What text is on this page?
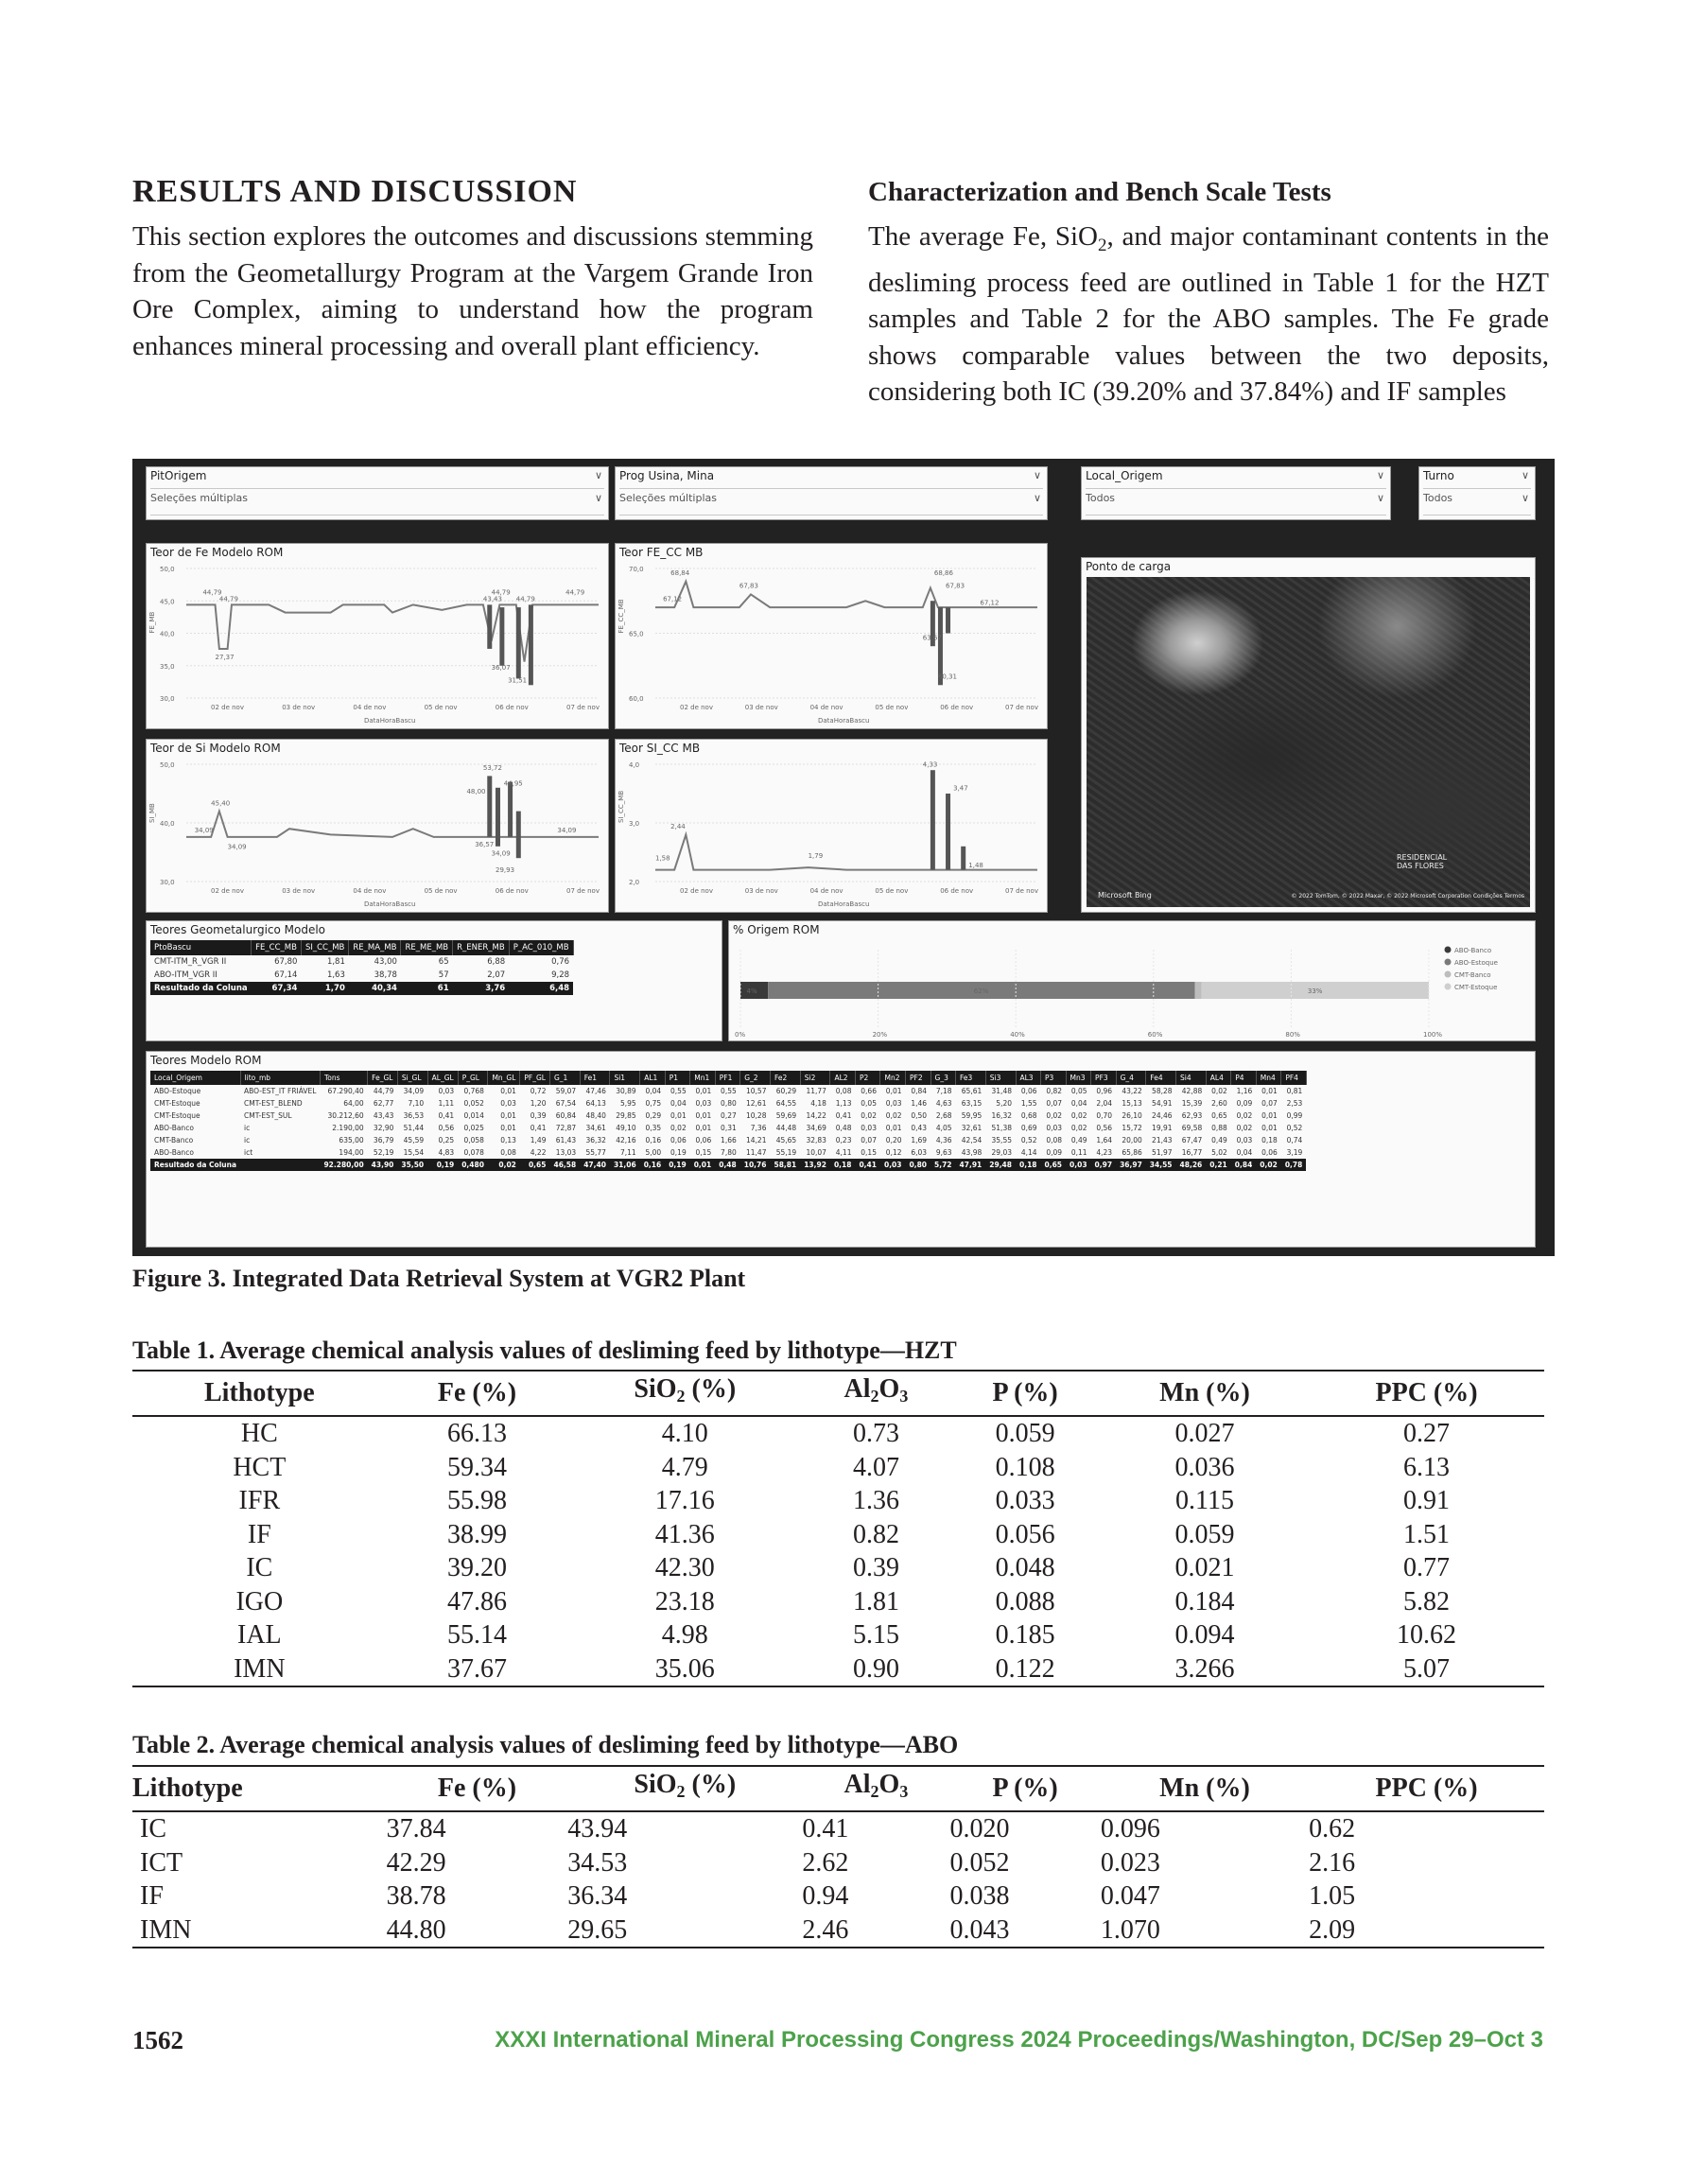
RESULTS AND DISCUSSION

This section explores the outcomes and discussions stemming from the Geometallurgy Program at the Vargem Grande Iron Ore Complex, aiming to understand how the program enhances mineral processing and overall plant efficiency.

Characterization and Bench Scale Tests

The average Fe, SiO$_2$, and major contaminant contents in the desliming process feed are outlined in Table 1 for the HZT samples and Table 2 for the ABO samples. The Fe grade shows comparable values between the two deposits, considering both IC (39.20% and 37.84%) and IF samples

PitOrigem	∨
Seleções múltiplas	∨
Prog Usina, Mina	∨
Seleções múltiplas	∨
Local_Origem	∨
Todos	∨
Turno	∨
Todos	∨
Teor de Fe Modelo ROM
50,0
45,0
40,0
35,0
30,0
02 de nov	03 de nov	04 de nov	05 de nov	06 de nov	07 de nov
DataHoraBascu
FE_MB
44,79
44,79
27,37
44,79
43,43 44,79
44,79
36,07
31,51
Teor FE_CC MB
70,0
65,0
60,0
02 de nov	03 de nov	04 de nov	05 de nov	06 de nov	07 de nov
DataHoraBascu
FE_CC_MB
68,84
67,12
67,83
68,86
67,83
67,12
63,67
60,31
Teor de Si Modelo ROM
50,0
40,0
30,0
02 de nov	03 de nov	04 de nov	05 de nov	06 de nov	07 de nov
DataHoraBascu
SI_MB	45,40
34,09
34,09
53,72
48,00
44,95
36,57
34,09
34,09
29,93
Teor SI_CC MB
4,0
3,0
2,0
02 de nov	03 de nov	04 de nov	05 de nov	06 de nov	07 de nov
DataHoraBascu
SI_CC_MB
2,44
1,58	1,79
4,33
3,47
1,48
Ponto de carga
Microsoft Bing	© 2022 TomTom, © 2022 Maxar, © 2022 Microsoft Corporation Condições Termos
RESIDENCIAL DAS FLORES
Teores Geometalurgico Modelo
PtoBascu	FE_CC_MB	SI_CC_MB	RE_MA_MB	RE_ME_MB	R_ENER_MB	P_AC_010_MB
CMT-ITM_R_VGR II	67,80	1,81	43,00	65	6,88	0,76
ABO-ITM_VGR II	67,14	1,63	38,78	57	2,07	9,28
Resultado da Coluna	67,34	1,70	40,34	61	3,76	6,48
% Origem ROM
4%	62%	33%
0%	20%	40%	60%	80%	100%
ABO-Banco
ABO-Estoque
CMT-Banco
CMT-Estoque
Teores Modelo ROM
Local_Origem	lito_mb	Tons	Fe_GL	Si_GL	AL_GL	P_GL	Mn_GL	PF_GL	G_1	Fe1	Si1	AL1	P1	Mn1	PF1	G_2	Fe2	Si2	AL2	P2	Mn2	PF2	G_3	Fe3	Si3	AL3	P3	Mn3	PF3	G_4	Fe4	Si4	AL4	P4	Mn4	PF4
ABO-Estoque	ABO-EST_IT FRIÁVEL	67.290,40	44,79	34,09	0,03	0,768	0,01	0,72	59,07	47,46	30,89	0,04	0,55	0,01	0,55	10,57	60,29	11,77	0,08	0,66	0,01	0,84	7,18	65,61	31,48	0,06	0,82	0,05	0,96	43,22	58,28	42,88	0,02	1,16	0,01	0,81
CMT-Estoque	CMT-EST_BLEND	64,00	62,77	7,10	1,11	0,052	0,03	1,20	67,54	64,13	5,95	0,75	0,04	0,03	0,80	12,61	64,55	4,18	1,13	0,05	0,03	1,46	4,63	63,15	5,20	1,55	0,07	0,04	2,04	15,13	54,91	15,39	2,60	0,09	0,07	2,53
CMT-Estoque	CMT-EST_SUL	30.212,60	43,43	36,53	0,41	0,014	0,01	0,39	60,84	48,40	29,85	0,29	0,01	0,01	0,27	10,28	59,69	14,22	0,41	0,02	0,02	0,50	2,68	59,95	16,32	0,68	0,02	0,02	0,70	26,10	24,46	62,93	0,65	0,02	0,01	0,99
ABO-Banco	ic	2.190,00	32,90	51,44	0,56	0,025	0,01	0,41	72,87	34,61	49,10	0,35	0,02	0,01	0,31	7,36	44,48	34,69	0,48	0,03	0,01	0,43	4,05	32,61	51,38	0,69	0,03	0,02	0,56	15,72	19,91	69,58	0,88	0,02	0,01	0,52
CMT-Banco	ic	635,00	36,79	45,59	0,25	0,058	0,13	1,49	61,43	36,32	42,16	0,16	0,06	0,06	1,66	14,21	45,65	32,83	0,23	0,07	0,20	1,69	4,36	42,54	35,55	0,52	0,08	0,49	1,64	20,00	21,43	67,47	0,49	0,03	0,18	0,74
ABO-Banco	ict	194,00	52,19	15,54	4,83	0,078	0,08	4,22	13,03	55,77	7,11	5,00	0,19	0,15	7,80	11,47	55,19	10,07	4,11	0,15	0,12	6,03	9,63	43,98	29,03	4,14	0,09	0,11	4,23	65,86	51,97	16,77	5,02	0,04	0,06	3,19
Resultado da Coluna		92.280,00	43,90	35,50	0,19	0,480	0,02	0,65	46,58	47,40	31,06	0,16	0,19	0,01	0,48	10,76	58,81	13,92	0,18	0,41	0,03	0,80	5,72	47,91	29,48	0,18	0,65	0,03	0,97	36,97	34,55	48,26	0,21	0,84	0,02	0,78
Figure 3. Integrated Data Retrieval System at VGR2 Plant
Table 1. Average chemical analysis values of desliming feed by lithotype—HZT
Lithotype	Fe (%)	SiO2 (%)	Al2O3	P (%)	Mn (%)	PPC (%)
HC	66.13	4.10	0.73	0.059	0.027	0.27
HCT	59.34	4.79	4.07	0.108	0.036	6.13
IFR	55.98	17.16	1.36	0.033	0.115	0.91
IF	38.99	41.36	0.82	0.056	0.059	1.51
IC	39.20	42.30	0.39	0.048	0.021	0.77
IGO	47.86	23.18	1.81	0.088	0.184	5.82
IAL	55.14	4.98	5.15	0.185	0.094	10.62
IMN	37.67	35.06	0.90	0.122	3.266	5.07
Table 2. Average chemical analysis values of desliming feed by lithotype—ABO
Lithotype	Fe (%)	SiO2 (%)	Al2O3	P (%)	Mn (%)	PPC (%)
IC	37.84	43.94	0.41	0.020	0.096	0.62
ICT	42.29	34.53	2.62	0.052	0.023	2.16
IF	38.78	36.34	0.94	0.038	0.047	1.05
IMN	44.80	29.65	2.46	0.043	1.070	2.09
1562	XXXI International Mineral Processing Congress 2024 Proceedings/Washington, DC/Sep 29–Oct 3
